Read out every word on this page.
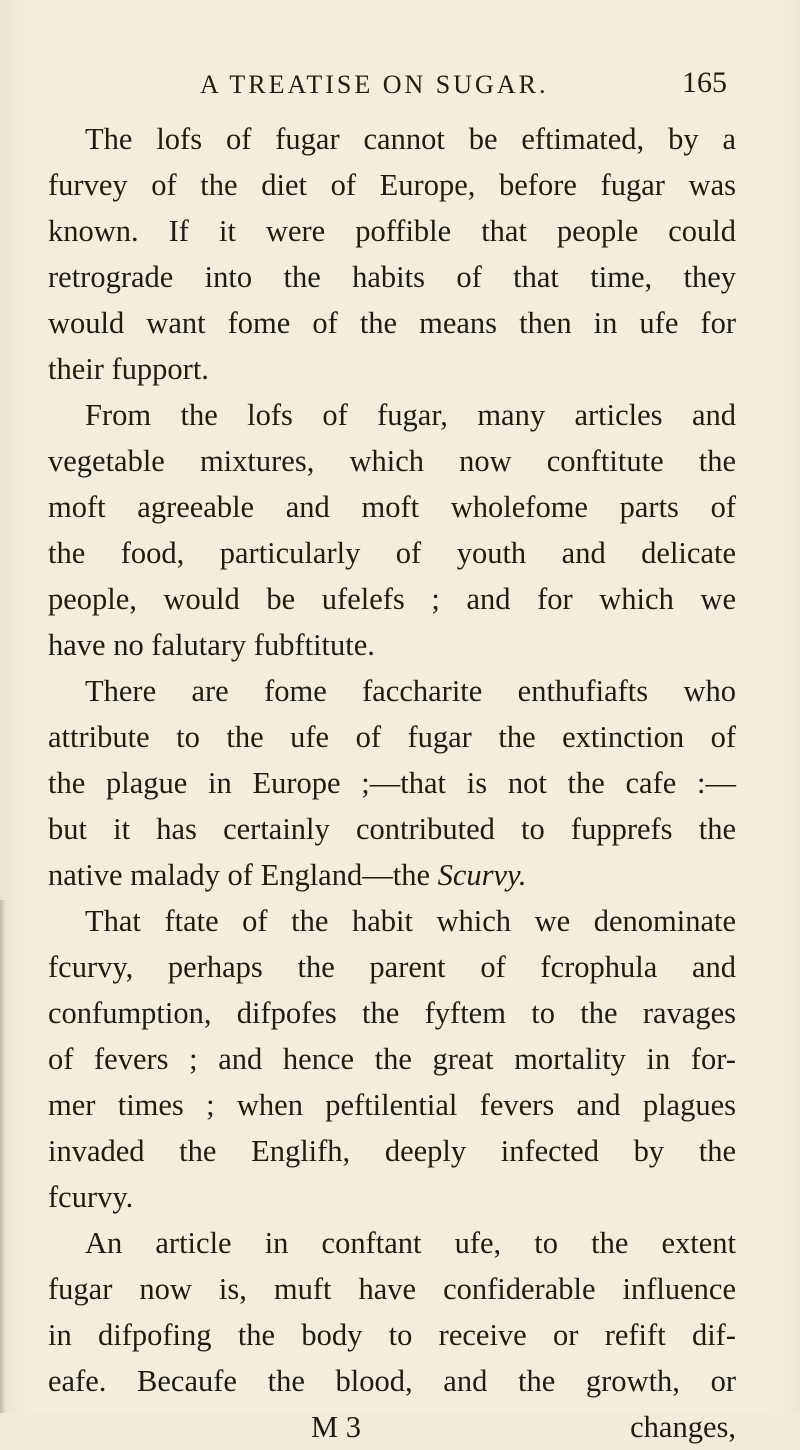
A TREATISE ON SUGAR.	165
The lofs of fugar cannot be eftimated, by a
furvey of the diet of Europe, before fugar was
known. If it were poffible that people could
retrograde into the habits of that time, they
would want fome of the means then in ufe for
their fupport.
From the lofs of fugar, many articles and
vegetable mixtures, which now conftitute the
moft agreeable and moft wholefome parts of
the food, particularly of youth and delicate
people, would be ufelefs ; and for which we
have no falutary fubftitute.
There are fome faccharite enthufiafts who
attribute to the ufe of fugar the extinction of
the plague in Europe ;—that is not the cafe :—
but it has certainly contributed to fupprefs the
native malady of England—the Scurvy.
That ftate of the habit which we denominate
fcurvy, perhaps the parent of fcrophula and
confumption, difpofes the fyftem to the ravages
of fevers ; and hence the great mortality in for-
mer times ; when peftilential fevers and plagues
invaded the Englifh, deeply infected by the
fcurvy.
An article in conftant ufe, to the extent
fugar now is, muft have confiderable influence
in difpofing the body to receive or refift dif-
eafe. Becaufe the blood, and the growth, or
M 3	changes,
